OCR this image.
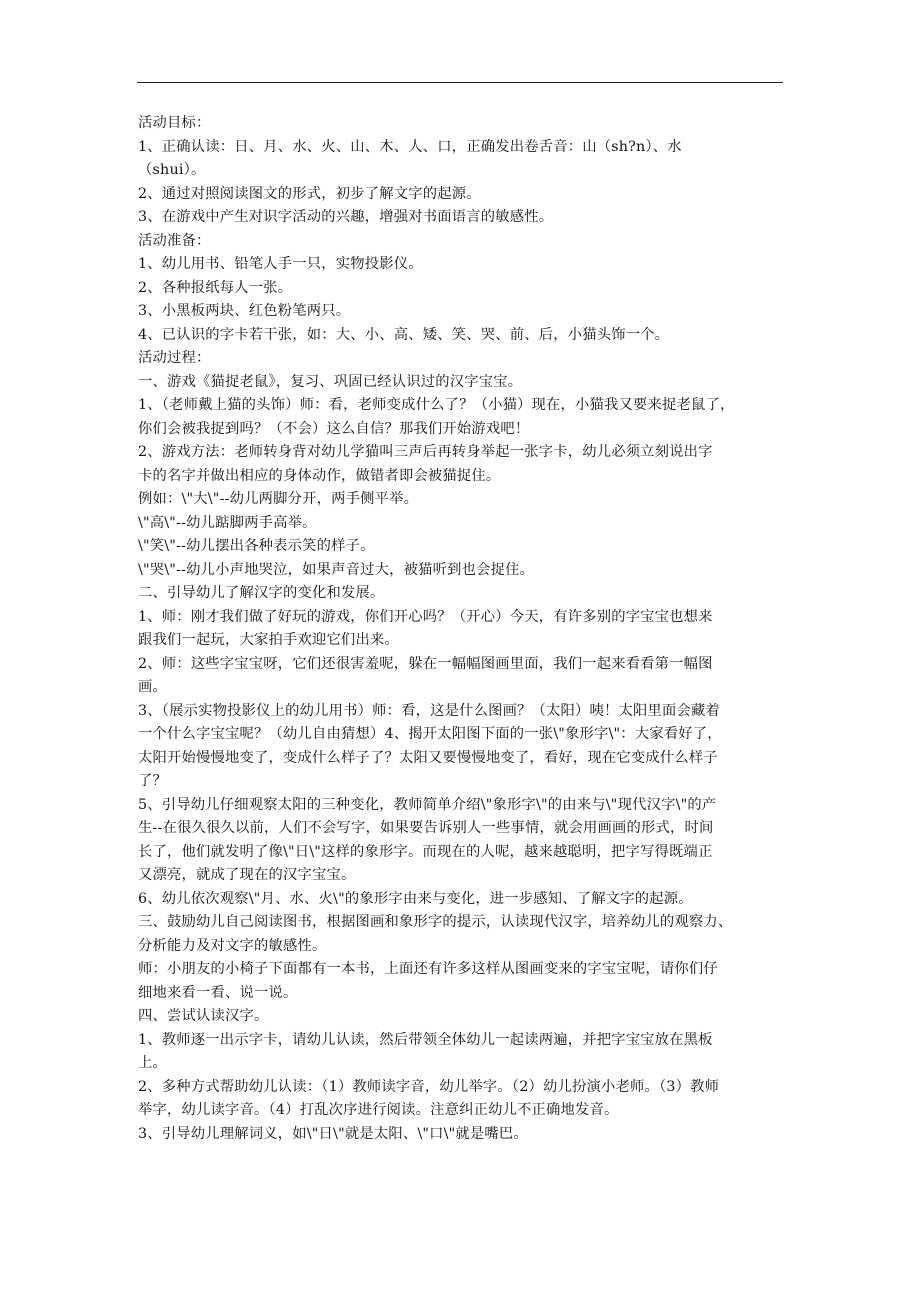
活动目标：
1、正确认读：日、月、水、火、山、木、人、口，正确发出卷舌音：山（sh?n）、水
（shui）。
2、通过对照阅读图文的形式，初步了解文字的起源。
3、在游戏中产生对识字活动的兴趣，增强对书面语言的敏感性。
活动准备：
1、幼儿用书、铅笔人手一只，实物投影仪。
2、各种报纸每人一张。
3、小黑板两块、红色粉笔两只。
4、已认识的字卡若干张，如：大、小、高、矮、笑、哭、前、后，小猫头饰一个。
活动过程：
一、游戏《猫捉老鼠》，复习、巩固已经认识过的汉字宝宝。
1、（老师戴上猫的头饰）师：看，老师变成什么了？（小猫）现在，小猫我又要来捉老鼠了，
你们会被我捉到吗？（不会）这么自信？那我们开始游戏吧！
2、游戏方法：老师转身背对幼儿学猫叫三声后再转身举起一张字卡，幼儿必须立刻说出字
卡的名字并做出相应的身体动作，做错者即会被猫捉住。
例如：\"大\"--幼儿两脚分开，两手侧平举。
\"高\"--幼儿踮脚两手高举。
\"笑\"--幼儿摆出各种表示笑的样子。
\"哭\"--幼儿小声地哭泣，如果声音过大，被猫听到也会捉住。
二、引导幼儿了解汉字的变化和发展。
1、师：刚才我们做了好玩的游戏，你们开心吗？（开心）今天，有许多别的字宝宝也想来
跟我们一起玩，大家拍手欢迎它们出来。
2、师：这些字宝宝呀，它们还很害羞呢，躲在一幅幅图画里面，我们一起来看看第一幅图
画。
3、（展示实物投影仪上的幼儿用书）师：看，这是什么图画？（太阳）咦！太阳里面会藏着
一个什么字宝宝呢？（幼儿自由猜想）4、揭开太阳图下面的一张\"象形字\"：大家看好了，
太阳开始慢慢地变了，变成什么样子了？太阳又要慢慢地变了，看好，现在它变成什么样子
了？
5、引导幼儿仔细观察太阳的三种变化，教师简单介绍\"象形字\"的由来与\"现代汉字\"的产
生--在很久很久以前，人们不会写字，如果要告诉别人一些事情，就会用画画的形式，时间
长了，他们就发明了像\"日\"这样的象形字。而现在的人呢，越来越聪明，把字写得既端正
又漂亮，就成了现在的汉字宝宝。
6、幼儿依次观察\"月、水、火\"的象形字由来与变化，进一步感知、了解文字的起源。
三、鼓励幼儿自己阅读图书，根据图画和象形字的提示，认读现代汉字，培养幼儿的观察力、
分析能力及对文字的敏感性。
师：小朋友的小椅子下面都有一本书，上面还有许多这样从图画变来的字宝宝呢，请你们仔
细地来看一看、说一说。
四、尝试认读汉字。
1、教师逐一出示字卡，请幼儿认读，然后带领全体幼儿一起读两遍，并把字宝宝放在黑板
上。
2、多种方式帮助幼儿认读：（1）教师读字音，幼儿举字。（2）幼儿扮演小老师。（3）教师
举字，幼儿读字音。（4）打乱次序进行阅读。注意纠正幼儿不正确地发音。
3、引导幼儿理解词义，如\"日\"就是太阳、\"口\"就是嘴巴。
